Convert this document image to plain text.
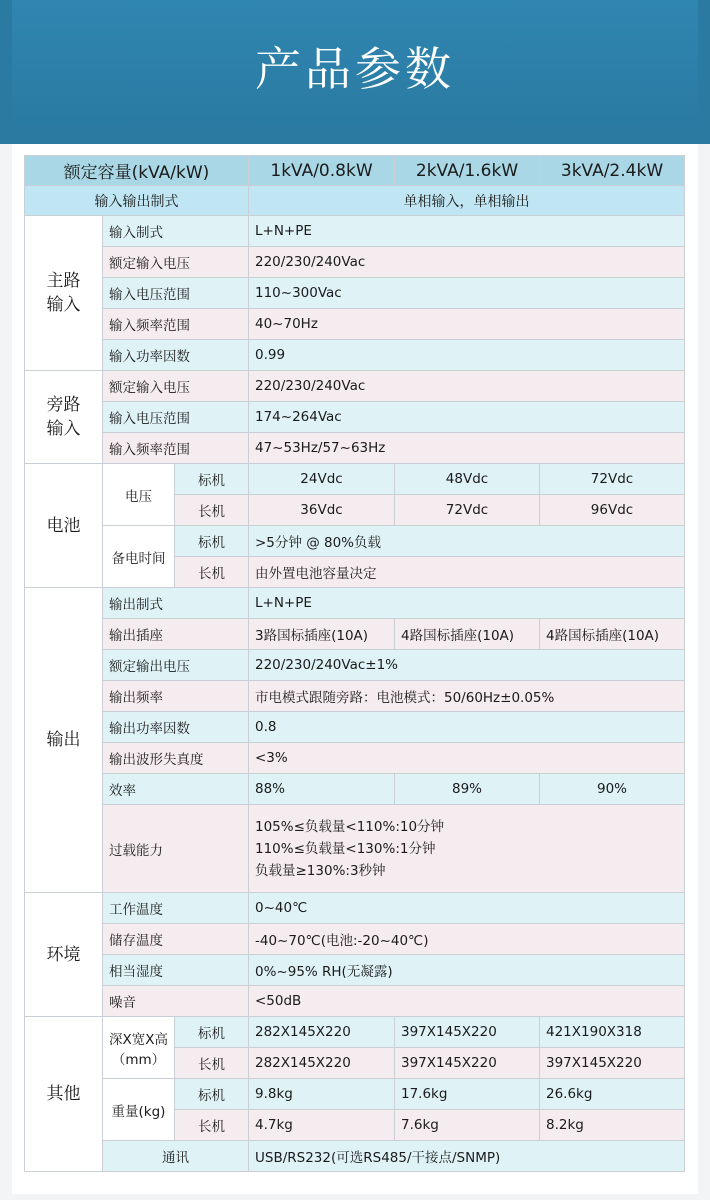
产品参数
额定容量(kVA/kW)			1kVA/0.8kW	2kVA/1.6kW	3kVA/2.4kW
输入输出制式			单相输入，单相输出		
主路
输入	输入制式		L+N+PE		
	额定输入电压		220/230/240Vac		
	输入电压范围		110~300Vac		
	输入频率范围		40~70Hz		
	输入功率因数		0.99		
旁路
输入	额定输入电压		220/230/240Vac		
	输入电压范围		174~264Vac		
	输入频率范围		47~53Hz/57~63Hz		
电池	电压	标机	24Vdc	48Vdc	72Vdc
		长机	36Vdc	72Vdc	96Vdc
	备电时间	标机	>5分钟 @ 80%负载		
		长机	由外置电池容量决定		
输出	输出制式		L+N+PE		
	输出插座		3路国标插座(10A)	4路国标插座(10A)	4路国标插座(10A)
	额定输出电压		220/230/240Vac±1%		
	输出频率		市电模式跟随旁路：电池模式：50/60Hz±0.05%		
	输出功率因数		0.8		
	输出波形失真度		<3%		
	效率		88%	89%	90%
	过载能力		105%≤负载量<110%:10分钟
110%≤负载量<130%:1分钟
负载量≥130%:3秒钟		

环境	工作温度		0~40℃		
	储存温度		-40~70℃(电池:-20~40℃)		
	相当湿度		0%~95% RH(无凝露)		
	噪音		<50dB		
其他	深X宽X高
（mm）	标机	282X145X220	397X145X220	421X190X318
		长机	282X145X220	397X145X220	397X145X220
	重量(kg)	标机	9.8kg	17.6kg	26.6kg
		长机	4.7kg	7.6kg	8.2kg
	通讯		USB/RS232(可选RS485/干接点/SNMP)		
